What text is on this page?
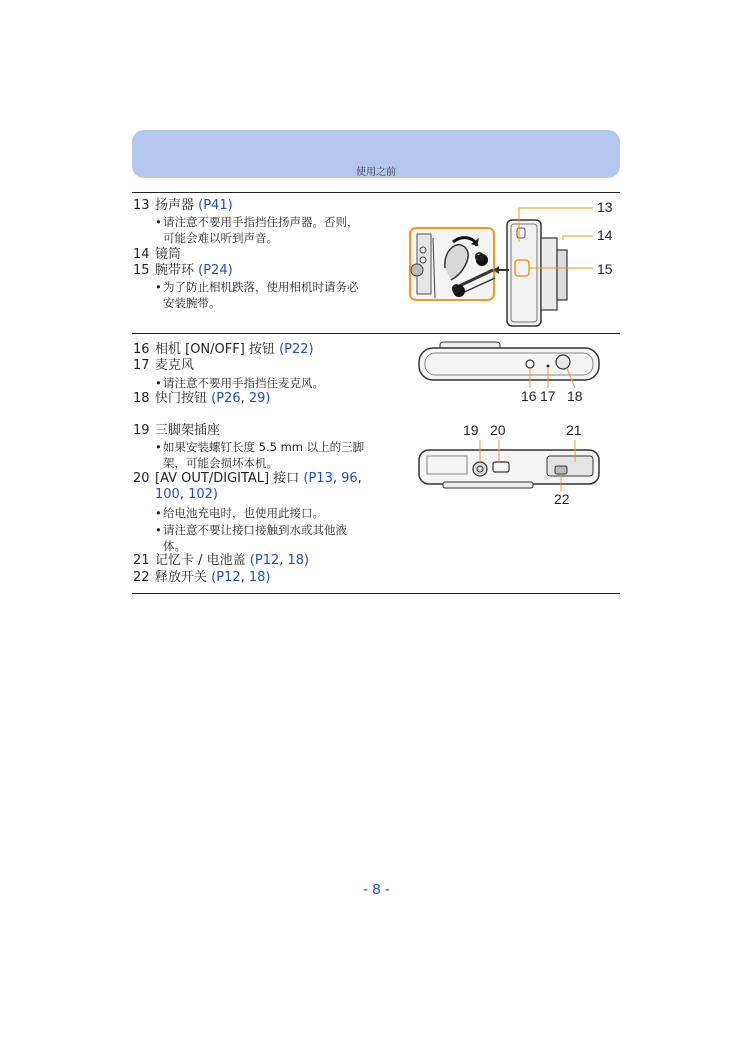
使用之前
13 扬声器 (P41)
• 请注意不要用手指挡住扬声器。否则，
可能会难以听到声音。
14 镜筒
15 腕带环 (P24)
• 为了防止相机跌落，使用相机时请务必
安装腕带。
16 相机 [ON/OFF] 按钮 (P22)
17 麦克风
• 请注意不要用手指挡住麦克风。
18 快门按钮 (P26, 29)
19 三脚架插座
• 如果安装螺钉长度 5.5 mm 以上的三脚
架，可能会损坏本机。
20 [AV OUT/DIGITAL] 接口 (P13, 96,
100, 102)
• 给电池充电时，也使用此接口。
• 请注意不要让接口接触到水或其他液
体。
21 记忆卡 / 电池盖 (P12, 18)
22 释放开关 (P12, 18)
13
14
15
❶
❷
16 17 18
19 20	21
22
- 8 -
